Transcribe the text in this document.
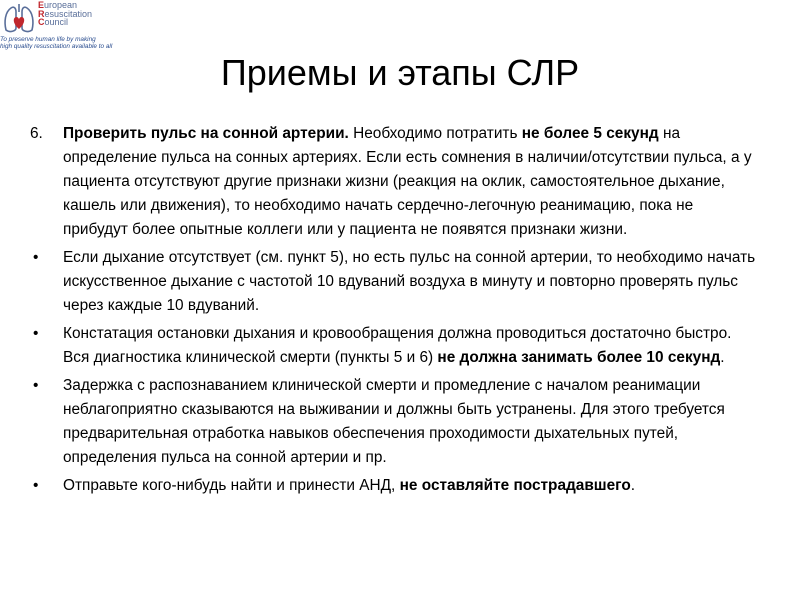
European
Resuscitation
Council
To preserve human life by making
high quality resuscitation available to all
Приемы и этапы СЛР
6.	Проверить пульс на сонной артерии. Необходимо потратить не более 5 секунд на определение пульса на сонных артериях. Если есть сомнения в наличии/отсутствии пульса, а у пациента отсутствуют другие признаки жизни (реакция на оклик, самостоятельное дыхание, кашель или движения), то необходимо начать сердечно-легочную реанимацию, пока не прибудут более опытные коллеги или у пациента не появятся признаки жизни.
•	Если дыхание отсутствует (см. пункт 5), но есть пульс на сонной артерии, то необходимо начать искусственное дыхание с частотой 10 вдуваний воздуха в минуту и повторно проверять пульс через каждые 10 вдуваний.
•	Констатация остановки дыхания и кровообращения должна проводиться достаточно быстро. Вся диагностика клинической смерти (пункты 5 и 6) не должна занимать более 10 секунд.
•	Задержка с распознаванием клинической смерти и промедление с началом реанимации неблагоприятно сказываются на выживании и должны быть устранены. Для этого требуется предварительная отработка навыков обеспечения проходимости дыхательных путей, определения пульса на сонной артерии и пр.
•	Отправьте кого-нибудь найти и принести АНД, не оставляйте пострадавшего.
